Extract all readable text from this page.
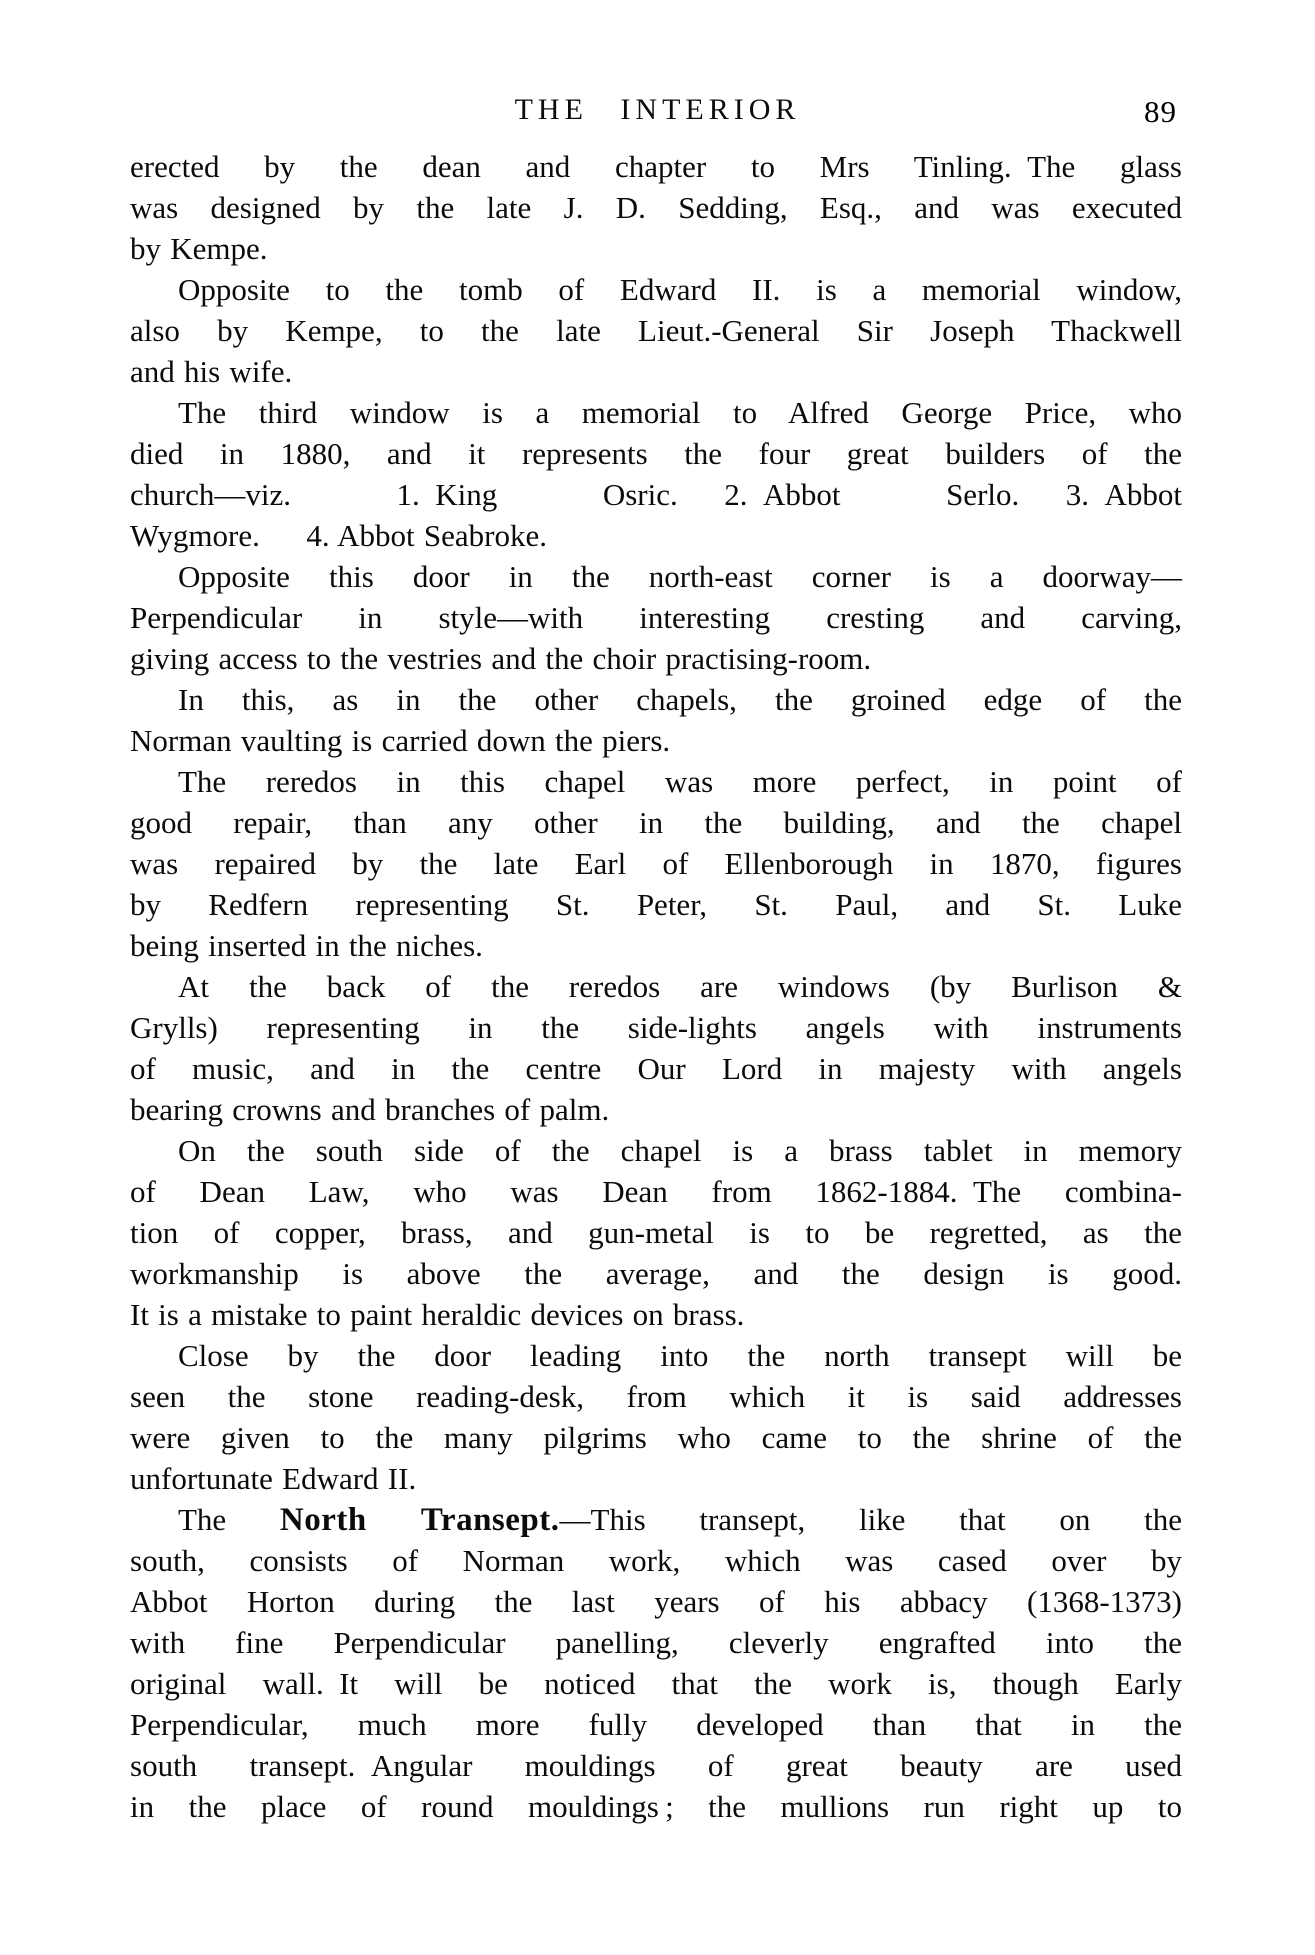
THE INTERIOR	89
erected by the dean and chapter to Mrs Tinling. The glass
was designed by the late J. D. Sedding, Esq., and was executed
by Kempe.
Opposite to the tomb of Edward II. is a memorial window,
also by Kempe, to the late Lieut.-General Sir Joseph Thackwell
and his wife.
The third window is a memorial to Alfred George Price, who
died in 1880, and it represents the four great builders of the
church—viz. 1. King Osric.  2. Abbot Serlo.  3. Abbot
Wygmore.  4. Abbot Seabroke.
Opposite this door in the north-east corner is a doorway—
Perpendicular in style—with interesting cresting and carving,
giving access to the vestries and the choir practising-room.
In this, as in the other chapels, the groined edge of the
Norman vaulting is carried down the piers.
The reredos in this chapel was more perfect, in point of
good repair, than any other in the building, and the chapel
was repaired by the late Earl of Ellenborough in 1870, figures
by Redfern representing St. Peter, St. Paul, and St. Luke
being inserted in the niches.
At the back of the reredos are windows (by Burlison &
Grylls) representing in the side-lights angels with instruments
of music, and in the centre Our Lord in majesty with angels
bearing crowns and branches of palm.
On the south side of the chapel is a brass tablet in memory
of Dean Law, who was Dean from 1862-1884. The combina-
tion of copper, brass, and gun-metal is to be regretted, as the
workmanship is above the average, and the design is good.
It is a mistake to paint heraldic devices on brass.
Close by the door leading into the north transept will be
seen the stone reading-desk, from which it is said addresses
were given to the many pilgrims who came to the shrine of the
unfortunate Edward II.
The North Transept.—This transept, like that on the
south, consists of Norman work, which was cased over by
Abbot Horton during the last years of his abbacy (1368-1373)
with fine Perpendicular panelling, cleverly engrafted into the
original wall. It will be noticed that the work is, though Early
Perpendicular, much more fully developed than that in the
south transept. Angular mouldings of great beauty are used
in the place of round mouldings ; the mullions run right up to
